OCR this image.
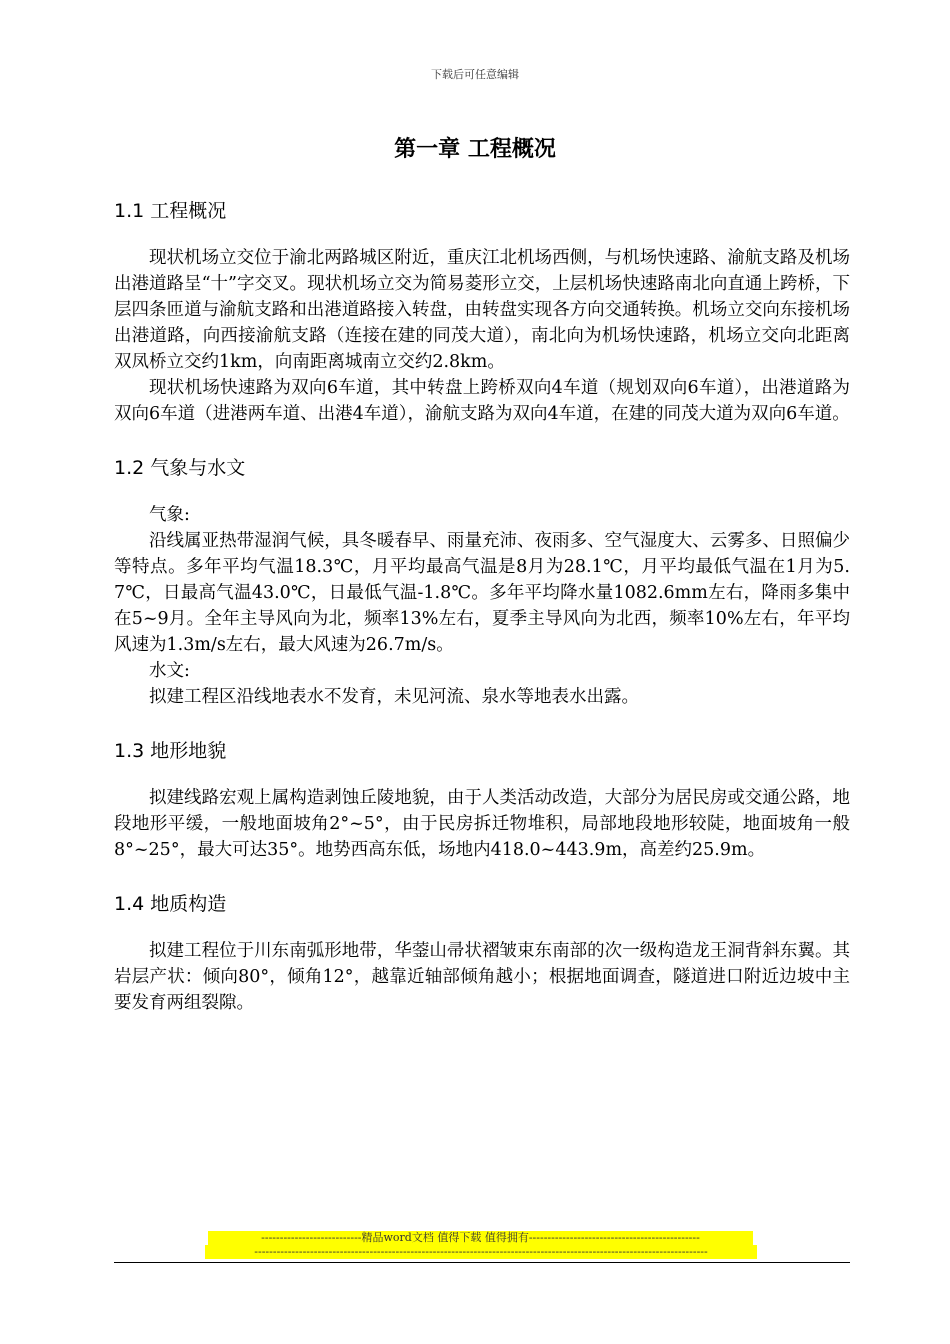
下载后可任意编辑
第一章 工程概况
1.1 工程概况

现状机场立交位于渝北两路城区附近，重庆江北机场西侧，与机场快速路、渝航支路及机场出港道路呈“十”字交叉。现状机场立交为简易菱形立交，上层机场快速路南北向直通上跨桥，下层四条匝道与渝航支路和出港道路接入转盘，由转盘实现各方向交通转换。机场立交向东接机场出港道路，向西接渝航支路（连接在建的同茂大道），南北向为机场快速路，机场立交向北距离双凤桥立交约1km，向南距离城南立交约2.8km。

现状机场快速路为双向6车道，其中转盘上跨桥双向4车道（规划双向6车道），出港道路为双向6车道（进港两车道、出港4车道），渝航支路为双向4车道，在建的同茂大道为双向6车道。

1.2 气象与水文

气象:

沿线属亚热带湿润气候，具冬暖春早、雨量充沛、夜雨多、空气湿度大、云雾多、日照偏少等特点。多年平均气温18.3℃，月平均最高气温是8月为28.1℃，月平均最低气温在1月为5.7℃，日最高气温43.0℃，日最低气温-1.8℃。多年平均降水量1082.6mm左右，降雨多集中在5~9月。全年主导风向为北，频率13%左右，夏季主导风向为北西，频率10%左右，年平均风速为1.3m/s左右，最大风速为26.7m/s。

水文:

拟建工程区沿线地表水不发育，未见河流、泉水等地表水出露。

1.3 地形地貌

拟建线路宏观上属构造剥蚀丘陵地貌，由于人类活动改造，大部分为居民房或交通公路，地段地形平缓，一般地面坡角2°~5°，由于民房拆迁物堆积，局部地段地形较陡，地面坡角一般8°~25°，最大可达35°。地势西高东低，场地内418.0~443.9m，高差约25.9m。

1.4 地质构造

拟建工程位于川东南弧形地带，华蓥山帚状褶皱束东南部的次一级构造龙王洞背斜东翼。其岩层产状：倾向80°，倾角12°，越靠近轴部倾角越小；根据地面调查，隧道进口附近边坡中主要发育两组裂隙。

---------------------------精品word文档 值得下载 值得拥有----------------------------------------------
--------------------------------------------------------------------------------------------------------------------------
